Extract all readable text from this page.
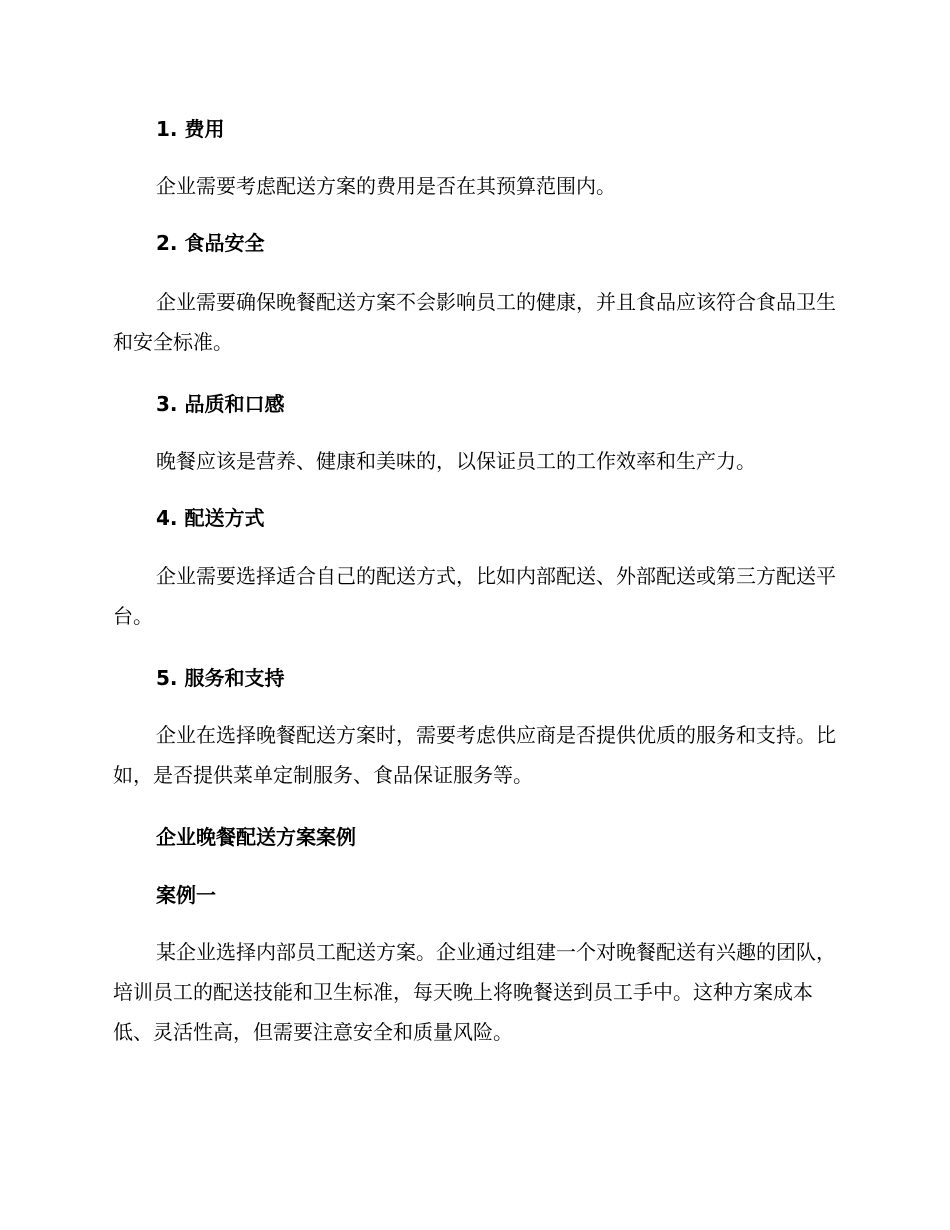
1. 费用

企业需要考虑配送方案的费用是否在其预算范围内。

2. 食品安全

企业需要确保晚餐配送方案不会影响员工的健康，并且食品应该符合食品卫生和安全标准。

3. 品质和口感

晚餐应该是营养、健康和美味的，以保证员工的工作效率和生产力。

4. 配送方式

企业需要选择适合自己的配送方式，比如内部配送、外部配送或第三方配送平台。

5. 服务和支持

企业在选择晚餐配送方案时，需要考虑供应商是否提供优质的服务和支持。比如，是否提供菜单定制服务、食品保证服务等。

企业晚餐配送方案案例
案例一

某企业选择内部员工配送方案。企业通过组建一个对晚餐配送有兴趣的团队，培训员工的配送技能和卫生标准，每天晚上将晚餐送到员工手中。这种方案成本低、灵活性高，但需要注意安全和质量风险。
